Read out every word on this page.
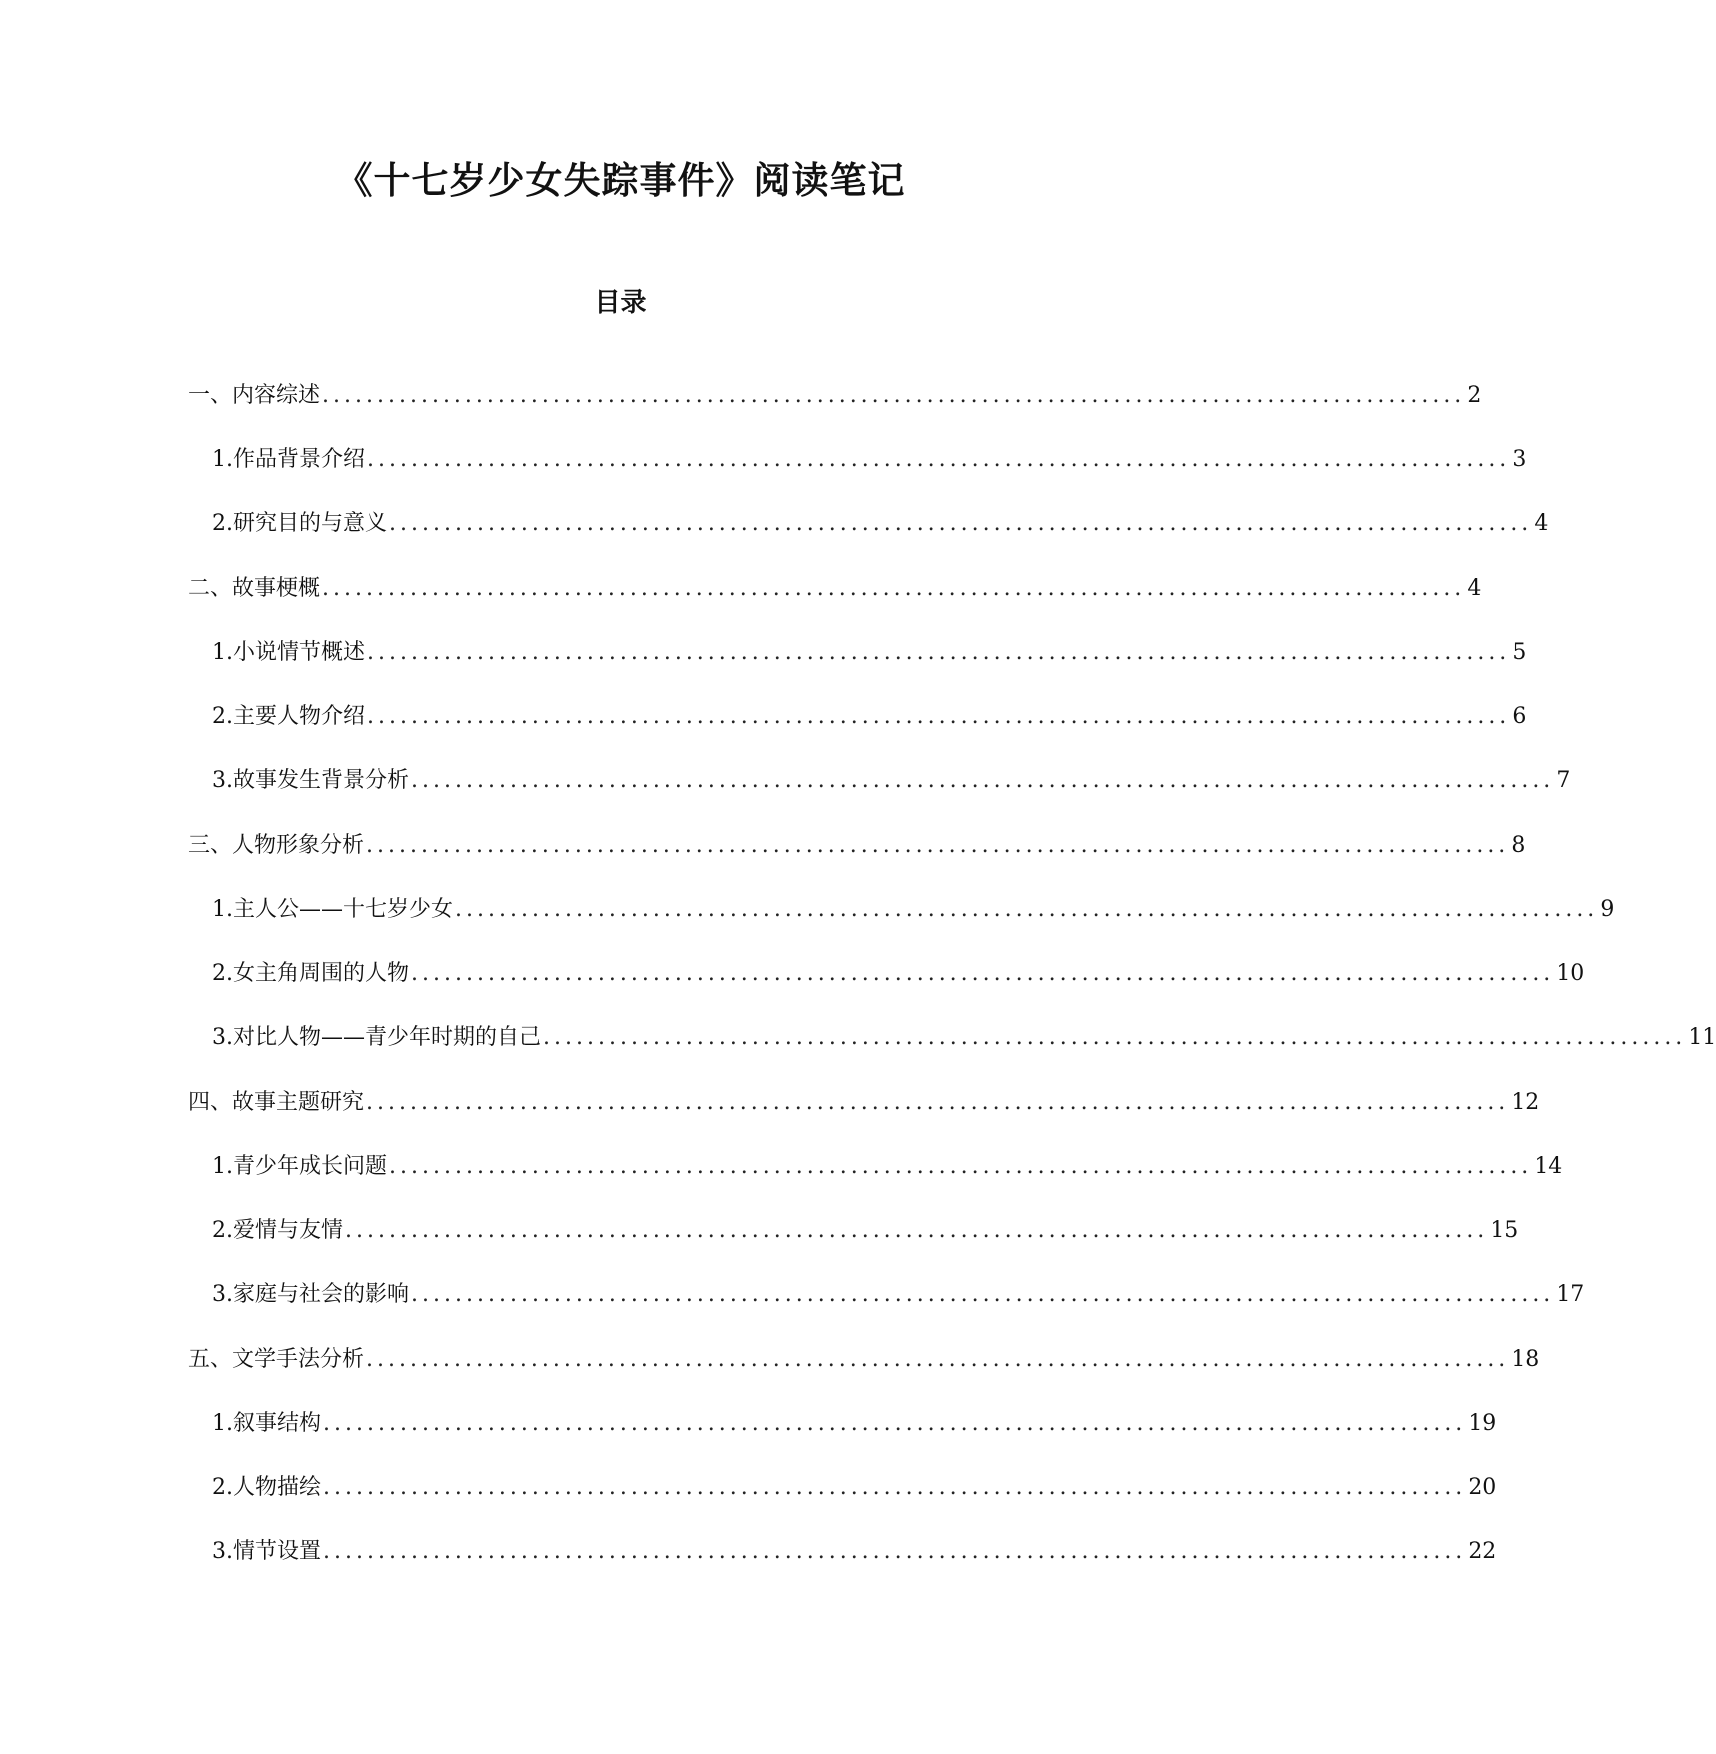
《十七岁少女失踪事件》阅读笔记
目录
一、内容综述 ........................................................................................................ 2
1. 作品背景介绍 ........................................................................................................ 3
2. 研究目的与意义 ........................................................................................................ 4
二、故事梗概 ........................................................................................................ 4
1. 小说情节概述 ........................................................................................................ 5
2. 主要人物介绍 ........................................................................................................ 6
3. 故事发生背景分析 ........................................................................................................ 7
三、人物形象分析 ........................................................................................................ 8
1. 主人公——十七岁少女 ........................................................................................................ 9
2. 女主角周围的人物 ........................................................................................................ 10
3. 对比人物——青少年时期的自己 ........................................................................................................ 11
四、故事主题研究 ........................................................................................................ 12
1. 青少年成长问题 ........................................................................................................ 14
2. 爱情与友情 ........................................................................................................ 15
3. 家庭与社会的影响 ........................................................................................................ 17
五、文学手法分析 ........................................................................................................ 18
1. 叙事结构 ........................................................................................................ 19
2. 人物描绘 ........................................................................................................ 20
3. 情节设置 ........................................................................................................ 22
